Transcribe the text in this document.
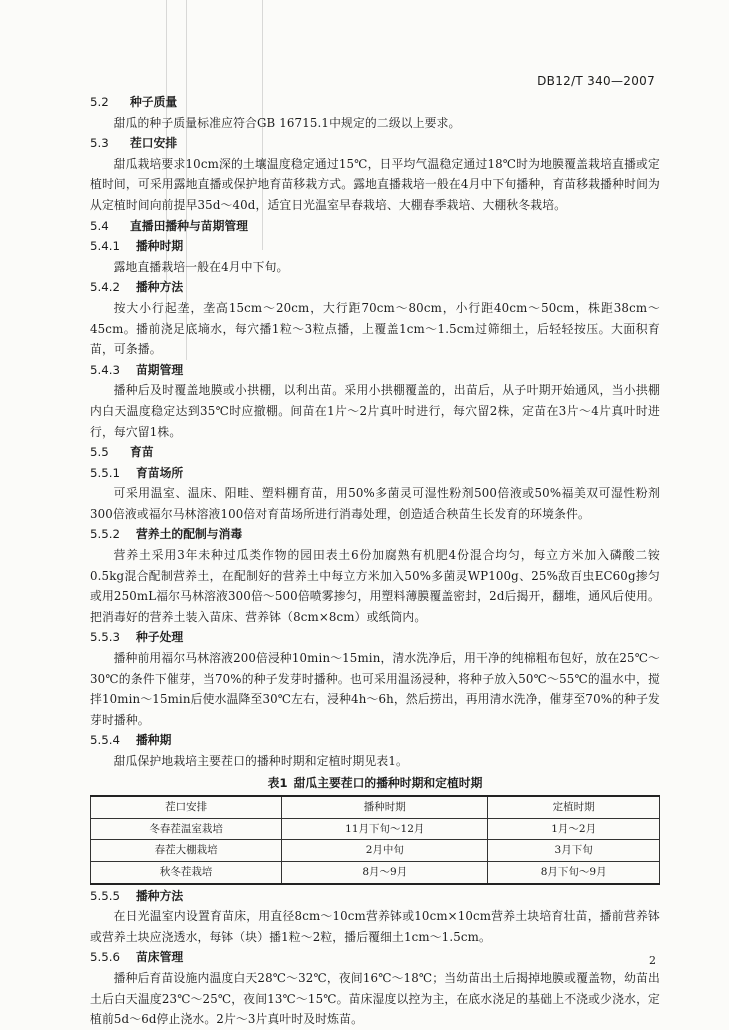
DB12/T 340—2007
5.2	种子质量
甜瓜的种子质量标准应符合GB 16715.1中规定的二级以上要求。
5.3	茬口安排
甜瓜栽培要求10cm深的土壤温度稳定通过15℃，日平均气温稳定通过18℃时为地膜覆盖栽培直播或定植时间，可采用露地直播或保护地育苗移栽方式。露地直播栽培一般在4月中下旬播种，育苗移栽播种时间为从定植时间向前提早35d～40d，适宜日光温室早春栽培、大棚春季栽培、大棚秋冬栽培。
5.4	直播田播种与苗期管理
5.4.1	播种时期
露地直播栽培一般在4月中下旬。
5.4.2	播种方法
按大小行起垄，垄高15cm～20cm，大行距70cm～80cm，小行距40cm～50cm，株距38cm～45cm。播前浇足底墒水，每穴播1粒～3粒点播，上覆盖1cm～1.5cm过筛细土，后轻轻按压。大面积育苗，可条播。
5.4.3	苗期管理
播种后及时覆盖地膜或小拱棚，以利出苗。采用小拱棚覆盖的，出苗后，从子叶期开始通风，当小拱棚内白天温度稳定达到35℃时应撤棚。间苗在1片～2片真叶时进行，每穴留2株，定苗在3片～4片真叶时进行，每穴留1株。
5.5	育苗
5.5.1	育苗场所
可采用温室、温床、阳畦、塑料棚育苗，用50%多菌灵可湿性粉剂500倍液或50%福美双可湿性粉剂300倍液或福尔马林溶液100倍对育苗场所进行消毒处理，创造适合秧苗生长发育的环境条件。
5.5.2	营养土的配制与消毒
营养土采用3年未种过瓜类作物的园田表土6份加腐熟有机肥4份混合均匀，每立方米加入磷酸二铵0.5kg混合配制营养土，在配制好的营养土中每立方米加入50%多菌灵WP100g、25%敌百虫EC60g掺匀或用250mL福尔马林溶液300倍～500倍喷雾掺匀，用塑料薄膜覆盖密封，2d后揭开，翻堆，通风后使用。把消毒好的营养土装入苗床、营养钵（8cm×8cm）或纸筒内。
5.5.3	种子处理
播种前用福尔马林溶液200倍浸种10min～15min，清水洗净后，用干净的纯棉粗布包好，放在25℃～30℃的条件下催芽，当70%的种子发芽时播种。也可采用温汤浸种，将种子放入50℃～55℃的温水中，搅拌10min～15min后使水温降至30℃左右，浸种4h～6h，然后捞出，再用清水洗净，催芽至70%的种子发芽时播种。
5.5.4	播种期
甜瓜保护地栽培主要茬口的播种时期和定植时期见表1。
表1 甜瓜主要茬口的播种时期和定植时期
茬口安排	播种时期	定植时期
冬春茬温室栽培	11月下旬～12月	1月～2月
春茬大棚栽培	2月中旬	3月下旬
秋冬茬栽培	8月～9月	8月下旬～9月
5.5.5	播种方法
在日光温室内设置育苗床，用直径8cm～10cm营养钵或10cm×10cm营养土块培育壮苗，播前营养钵或营养土块应浇透水，每钵（块）播1粒～2粒，播后覆细土1cm～1.5cm。
5.5.6	苗床管理
播种后育苗设施内温度白天28℃～32℃，夜间16℃～18℃；当幼苗出土后揭掉地膜或覆盖物，幼苗出土后白天温度23℃～25℃，夜间13℃～15℃。苗床湿度以控为主，在底水浇足的基础上不浇或少浇水，定植前5d～6d停止浇水。2片～3片真叶时及时炼苗。
2
